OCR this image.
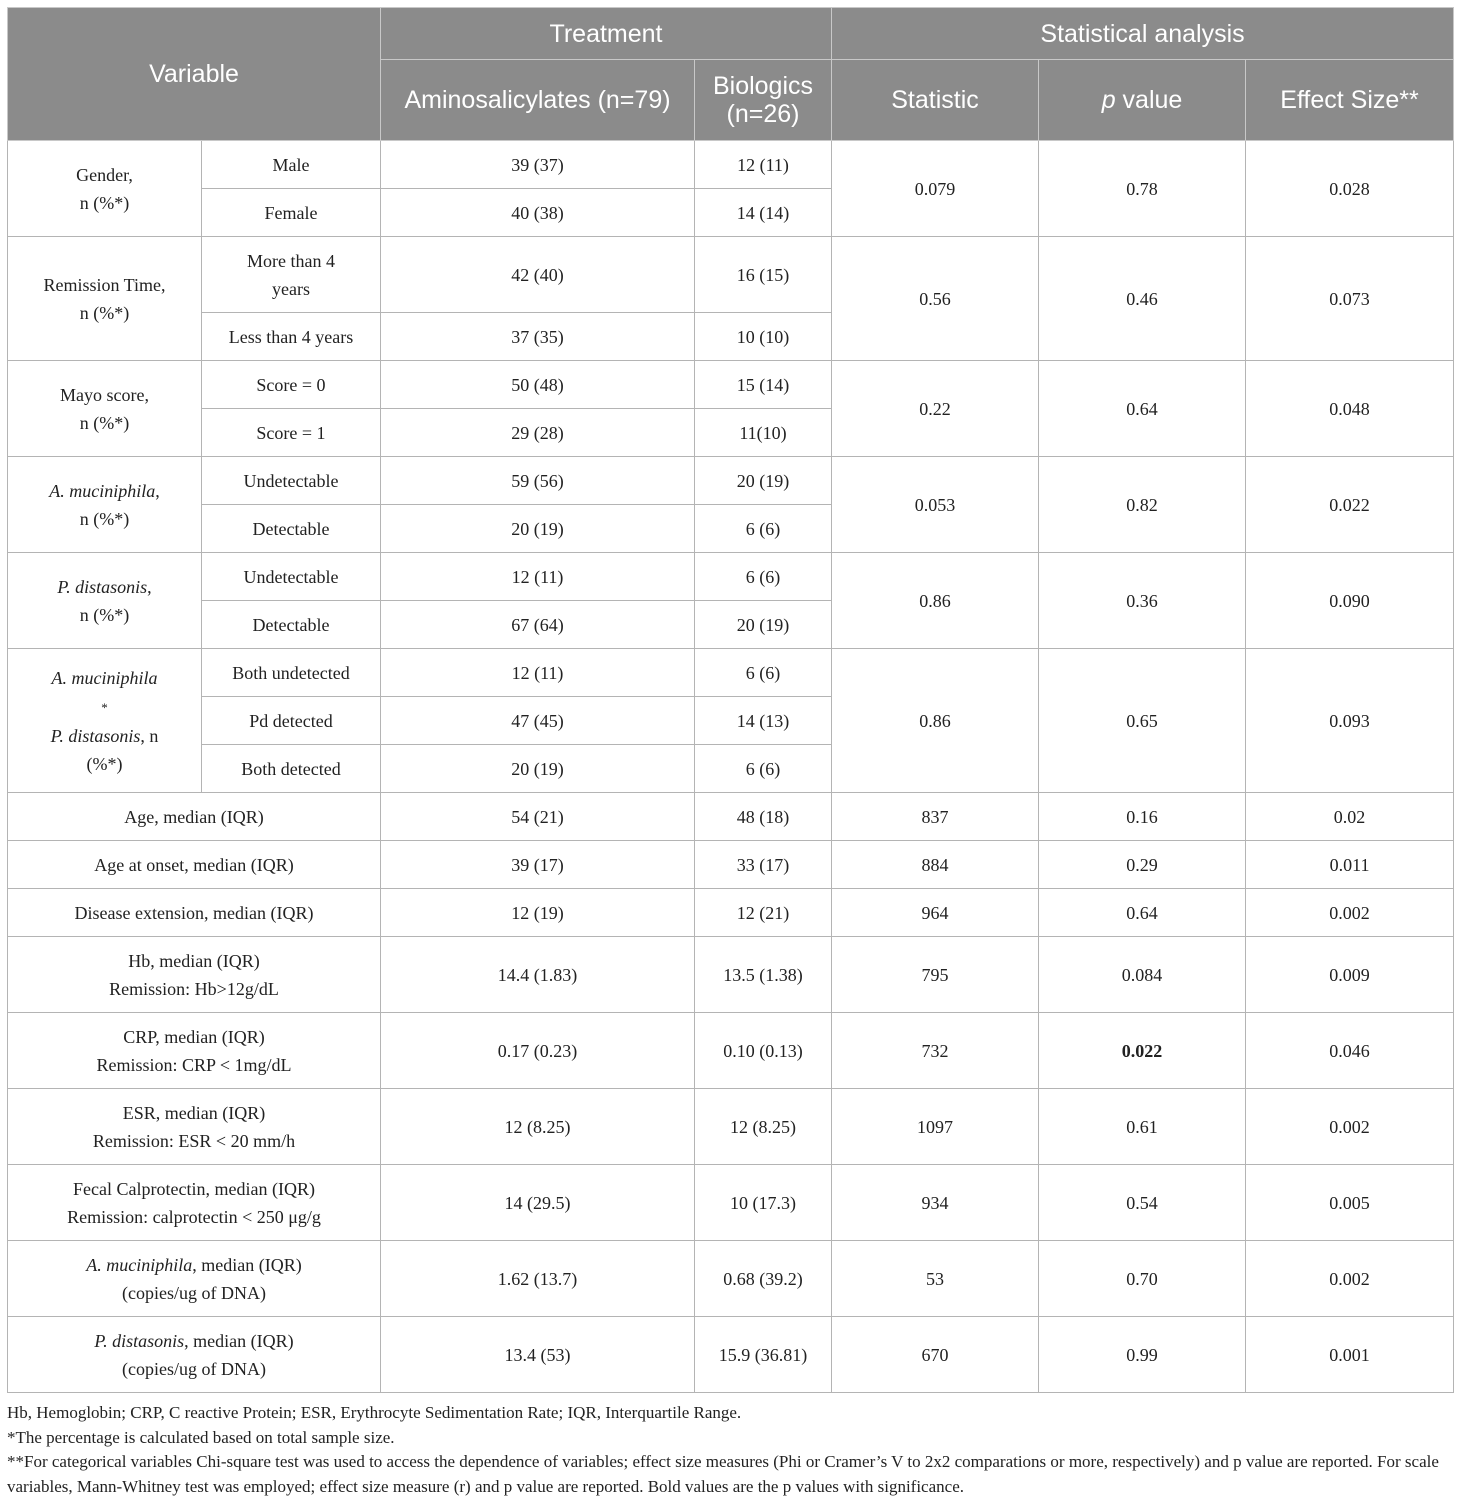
Variable		Treatment		Statistical analysis		
		Aminosalicylates (n=79)	Biologics (n=26)	Statistic	p value	Effect Size**
Gender,
n (%*)	Male	39 (37)	12 (11)	0.079	0.78	0.028
	Female	40 (38)	14 (14)			
Remission Time,
n (%*)	More than 4 years	42 (40)	16 (15)	0.56	0.46	0.073
	Less than 4 years	37 (35)	10 (10)			
Mayo score,
n (%*)	Score = 0	50 (48)	15 (14)	0.22	0.64	0.048
	Score = 1	29 (28)	11(10)			
A. muciniphila,
n (%*)	Undetectable	59 (56)	20 (19)	0.053	0.82	0.022
	Detectable	20 (19)	6 (6)			
P. distasonis,
n (%*)	Undetectable	12 (11)	6 (6)	0.86	0.36	0.090
	Detectable	67 (64)	20 (19)			
A. muciniphila
*
P. distasonis, n
(%*)	Both undetected	12 (11)	6 (6)	0.86	0.65	0.093
	Pd detected	47 (45)	14 (13)			
	Both detected	20 (19)	6 (6)			
Age, median (IQR)		54 (21)	48 (18)	837	0.16	0.02
Age at onset, median (IQR)		39 (17)	33 (17)	884	0.29	0.011
Disease extension, median (IQR)		12 (19)	12 (21)	964	0.64	0.002
Hb, median (IQR)
Remission: Hb>12g/dL		14.4 (1.83)	13.5 (1.38)	795	0.084	0.009
CRP, median (IQR)
Remission: CRP < 1mg/dL		0.17 (0.23)	0.10 (0.13)	732	0.022	0.046
ESR, median (IQR)
Remission: ESR < 20 mm/h		12 (8.25)	12 (8.25)	1097	0.61	0.002
Fecal Calprotectin, median (IQR)
Remission: calprotectin < 250 μg/g		14 (29.5)	10 (17.3)	934	0.54	0.005
A. muciniphila, median (IQR)
(copies/ug of DNA)		1.62 (13.7)	0.68 (39.2)	53	0.70	0.002
P. distasonis, median (IQR)
(copies/ug of DNA)		13.4 (53)	15.9 (36.81)	670	0.99	0.001

Hb, Hemoglobin; CRP, C reactive Protein; ESR, Erythrocyte Sedimentation Rate; IQR, Interquartile Range.

*The percentage is calculated based on total sample size.

**For categorical variables Chi-square test was used to access the dependence of variables; effect size measures (Phi or Cramer’s V to 2x2 comparations or more, respectively) and p value are reported. For scale variables, Mann-Whitney test was employed; effect size measure (r) and p value are reported. Bold values are the p values with significance.
